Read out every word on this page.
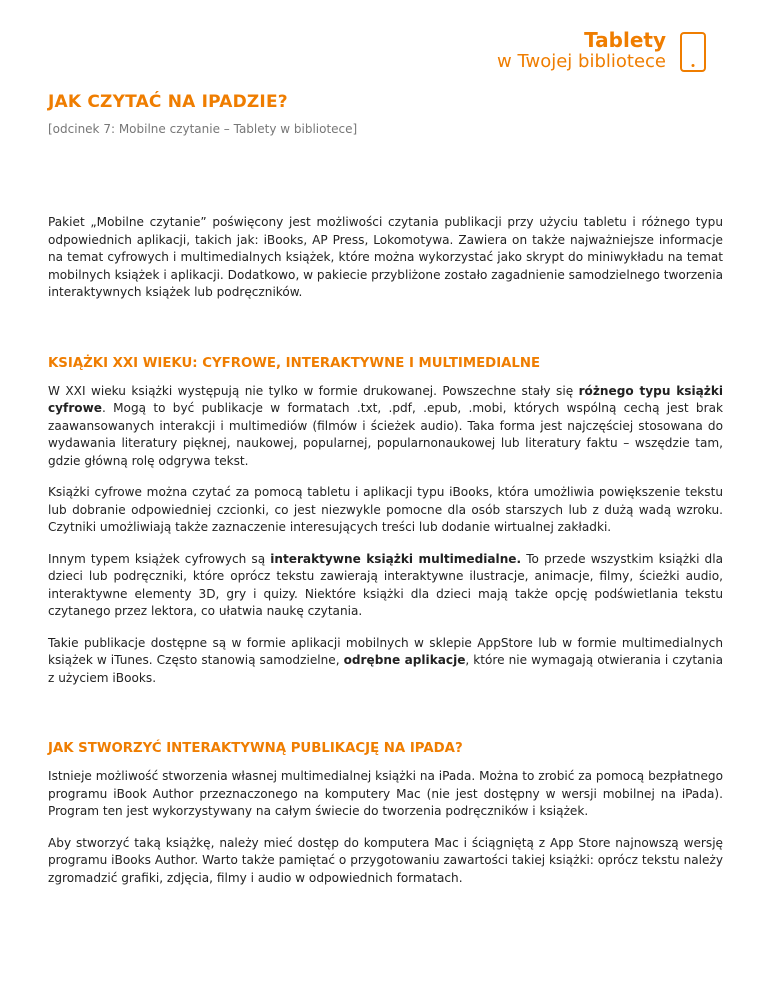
Tablety
w Twojej bibliotece
JAK CZYTAĆ NA IPADZIE?
[odcinek 7: Mobilne czytanie – Tablety w bibliotece]

Pakiet „Mobilne czytanie” poświęcony jest możliwości czytania publikacji przy użyciu tabletu i różnego typu odpowiednich aplikacji, takich jak: iBooks, AP Press, Lokomotywa. Zawiera on także najważniejsze informacje na temat cyfrowych i multimedialnych książek, które można wykorzystać jako skrypt do miniwykładu na temat mobilnych książek i aplikacji. Dodatkowo, w pakiecie przybliżone zostało zagadnienie samodzielnego tworzenia interaktywnych książek lub podręczników.

KSIĄŻKI XXI WIEKU: CYFROWE, INTERAKTYWNE I MULTIMEDIALNE

W XXI wieku książki występują nie tylko w formie drukowanej. Powszechne stały się różnego typu książki cyfrowe. Mogą to być publikacje w formatach .txt, .pdf, .epub, .mobi, których wspólną cechą jest brak zaawansowanych interakcji i multimediów (filmów i ścieżek audio). Taka forma jest najczęściej stosowana do wydawania literatury pięknej, naukowej, popularnej, popularnonaukowej lub literatury faktu – wszędzie tam, gdzie główną rolę odgrywa tekst.

Książki cyfrowe można czytać za pomocą tabletu i aplikacji typu iBooks, która umożliwia powiększenie tekstu lub dobranie odpowiedniej czcionki, co jest niezwykle pomocne dla osób starszych lub z dużą wadą wzroku. Czytniki umożliwiają także zaznaczenie interesujących treści lub dodanie wirtualnej zakładki.

Innym typem książek cyfrowych są interaktywne książki multimedialne. To przede wszystkim książki dla dzieci lub podręczniki, które oprócz tekstu zawierają interaktywne ilustracje, animacje, filmy, ścieżki audio, interaktywne elementy 3D, gry i quizy. Niektóre książki dla dzieci mają także opcję podświetlania tekstu czytanego przez lektora, co ułatwia naukę czytania.

Takie publikacje dostępne są w formie aplikacji mobilnych w sklepie AppStore lub w formie multimedialnych książek w iTunes. Często stanowią samodzielne, odrębne aplikacje, które nie wymagają otwierania i czytania z użyciem iBooks.

JAK STWORZYĆ INTERAKTYWNĄ PUBLIKACJĘ NA IPADA?

Istnieje możliwość stworzenia własnej multimedialnej książki na iPada. Można to zrobić za pomocą bezpłatnego programu iBook Author przeznaczonego na komputery Mac (nie jest dostępny w wersji mobilnej na iPada). Program ten jest wykorzystywany na całym świecie do tworzenia podręczników i książek.

Aby stworzyć taką książkę, należy mieć dostęp do komputera Mac i ściągniętą z App Store najnowszą wersję programu iBooks Author. Warto także pamiętać o przygotowaniu zawartości takiej książki: oprócz tekstu należy zgromadzić grafiki, zdjęcia, filmy i audio w odpowiednich formatach.
